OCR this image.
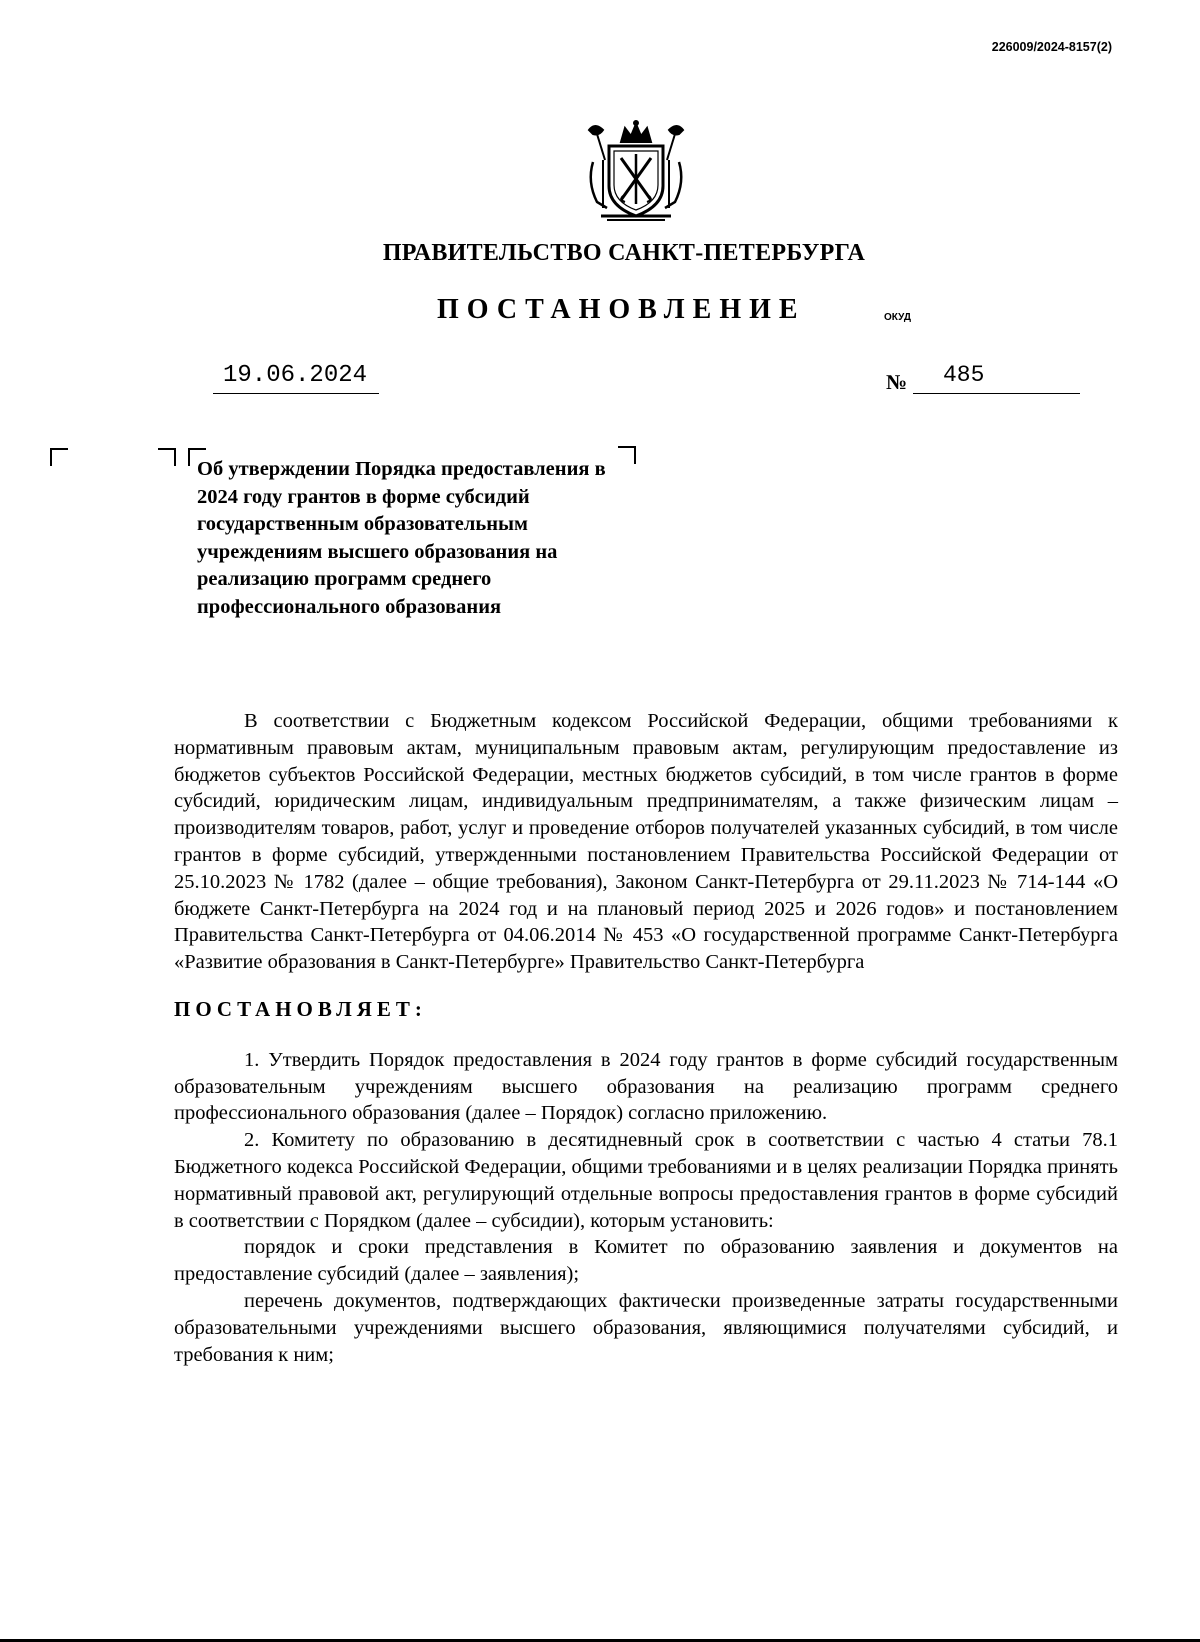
226009/2024-8157(2)
ПРАВИТЕЛЬСТВО САНКТ-ПЕТЕРБУРГА
ПОСТАНОВЛЕНИЕ	ОКУД
19.06.2024	№ 485

Об утверждении Порядка предоставления в 2024 году грантов в форме субсидий государственным образовательным учреждениям высшего образования на реализацию программ среднего профессионального образования

В соответствии с Бюджетным кодексом Российской Федерации, общими требованиями к нормативным правовым актам, муниципальным правовым актам, регулирующим предоставление из бюджетов субъектов Российской Федерации, местных бюджетов субсидий, в том числе грантов в форме субсидий, юридическим лицам, индивидуальным предпринимателям, а также физическим лицам – производителям товаров, работ, услуг и проведение отборов получателей указанных субсидий, в том числе грантов в форме субсидий, утвержденными постановлением Правительства Российской Федерации от 25.10.2023 № 1782 (далее – общие требования), Законом Санкт-Петербурга от 29.11.2023 № 714-144 «О бюджете Санкт-Петербурга на 2024 год и на плановый период 2025 и 2026 годов» и постановлением Правительства Санкт-Петербурга от 04.06.2014 № 453 «О государственной программе Санкт-Петербурга «Развитие образования в Санкт-Петербурге» Правительство Санкт-Петербурга

ПОСТАНОВЛЯЕТ:

1. Утвердить Порядок предоставления в 2024 году грантов в форме субсидий государственным образовательным учреждениям высшего образования на реализацию программ среднего профессионального образования (далее – Порядок) согласно приложению.

2. Комитету по образованию в десятидневный срок в соответствии с частью 4 статьи 78.1 Бюджетного кодекса Российской Федерации, общими требованиями и в целях реализации Порядка принять нормативный правовой акт, регулирующий отдельные вопросы предоставления грантов в форме субсидий в соответствии с Порядком (далее – субсидии), которым установить:

порядок и сроки представления в Комитет по образованию заявления и документов на предоставление субсидий (далее – заявления);

перечень документов, подтверждающих фактически произведенные затраты государственными образовательными учреждениями высшего образования, являющимися получателями субсидий, и требования к ним;
